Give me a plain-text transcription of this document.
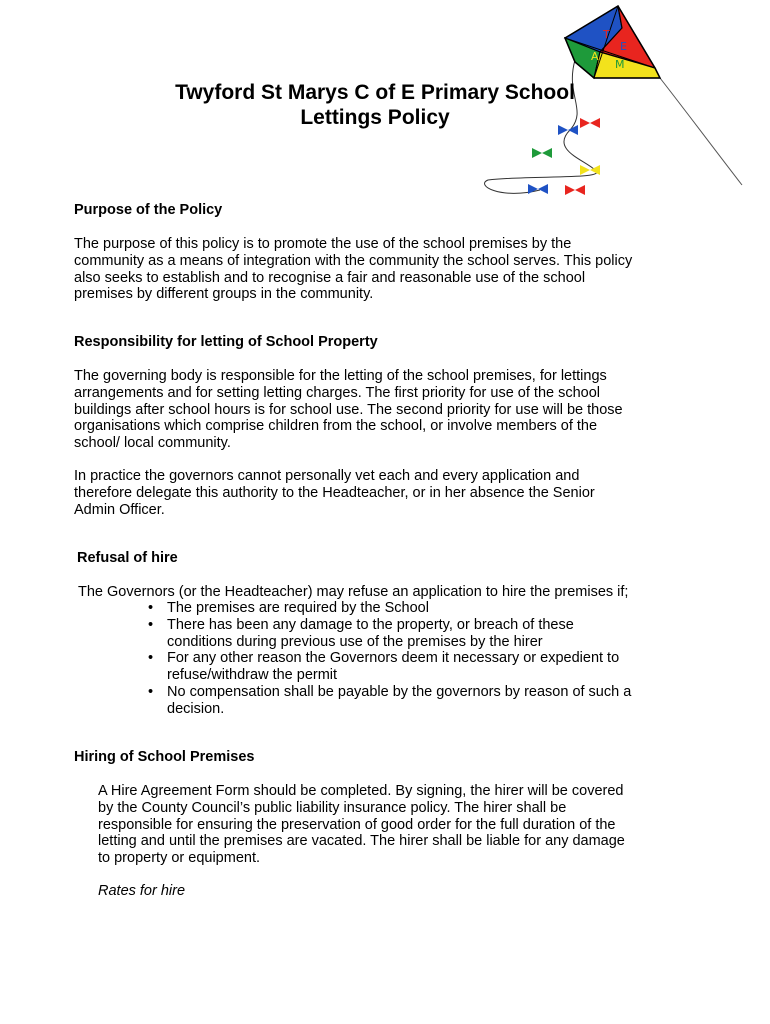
T
E
A
M
Twyford St Marys C of E Primary School
Lettings Policy
Purpose of the Policy
The purpose of this policy is to promote the use of the school premises by the
community as a means of integration with the community the school serves. This policy
also seeks to establish and to recognise a fair and reasonable use of the school
premises by different groups in the community.
Responsibility for letting of School Property
The governing body is responsible for the letting of the school premises, for lettings
arrangements and for setting letting charges. The first priority for use of the school
buildings after school hours is for school use. The second priority for use will be those
organisations which comprise children from the school, or involve members of the
school/ local community.
In practice the governors cannot personally vet each and every application and
therefore delegate this authority to the Headteacher, or in her absence the Senior
Admin Officer.
Refusal of hire
The Governors (or the Headteacher) may refuse an application to hire the premises if;
• The premises are required by the School
• There has been any damage to the property, or breach of these
conditions during previous use of the premises by the hirer
• For any other reason the Governors deem it necessary or expedient to
refuse/withdraw the permit
• No compensation shall be payable by the governors by reason of such a
decision.
Hiring of School Premises
A Hire Agreement Form should be completed. By signing, the hirer will be covered
by the County Council’s public liability insurance policy. The hirer shall be
responsible for ensuring the preservation of good order for the full duration of the
letting and until the premises are vacated. The hirer shall be liable for any damage
to property or equipment.
Rates for hire
